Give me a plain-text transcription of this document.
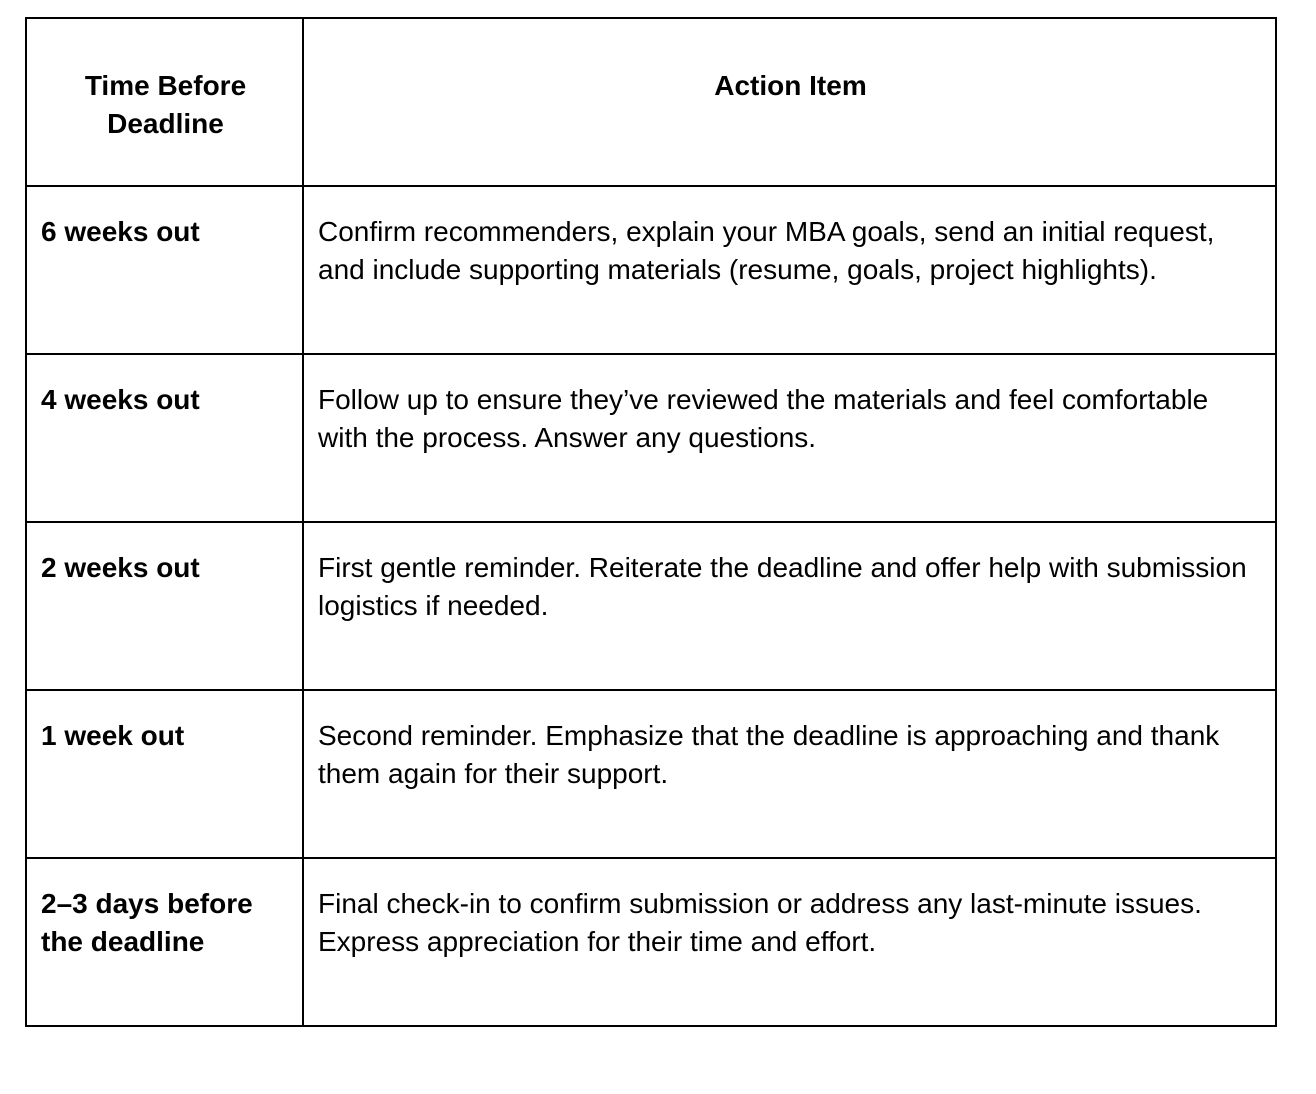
Time Before Deadline	Action Item

6 weeks out	Confirm recommenders, explain your MBA goals, send an initial request, and include supporting materials (resume, goals, project highlights).

4 weeks out	Follow up to ensure they’ve reviewed the materials and feel comfortable with the process. Answer any questions.

2 weeks out	First gentle reminder. Reiterate the deadline and offer help with submission logistics if needed.

1 week out	Second reminder. Emphasize that the deadline is approaching and thank them again for their support.

2–3 days before the deadline	Final check-in to confirm submission or address any last-minute issues. Express appreciation for their time and effort.
